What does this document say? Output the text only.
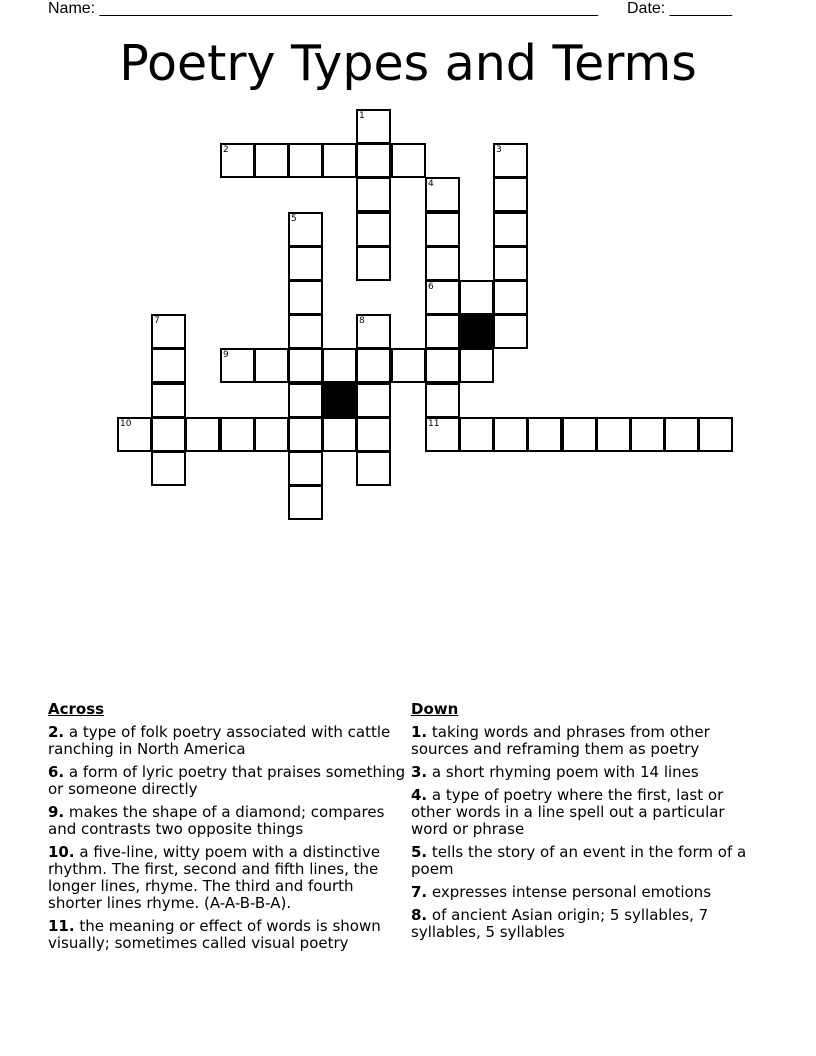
Name: ________________________________________________________ Date: _______
Poetry Types and Terms
1
2	3
4
5
6
7	8
9
10	11
Across
2. a type of folk poetry associated with cattle ranching in North America
6. a form of lyric poetry that praises something or someone directly
9. makes the shape of a diamond; compares and contrasts two opposite things
10. a five-line, witty poem with a distinctive rhythm. The first, second and fifth lines, the longer lines, rhyme. The third and fourth shorter lines rhyme. (A-A-B-B-A).
11. the meaning or effect of words is shown visually; sometimes called visual poetry
Down
1. taking words and phrases from other sources and reframing them as poetry
3. a short rhyming poem with 14 lines
4. a type of poetry where the first, last or other words in a line spell out a particular word or phrase
5. tells the story of an event in the form of a poem
7. expresses intense personal emotions
8. of ancient Asian origin; 5 syllables, 7 syllables, 5 syllables
